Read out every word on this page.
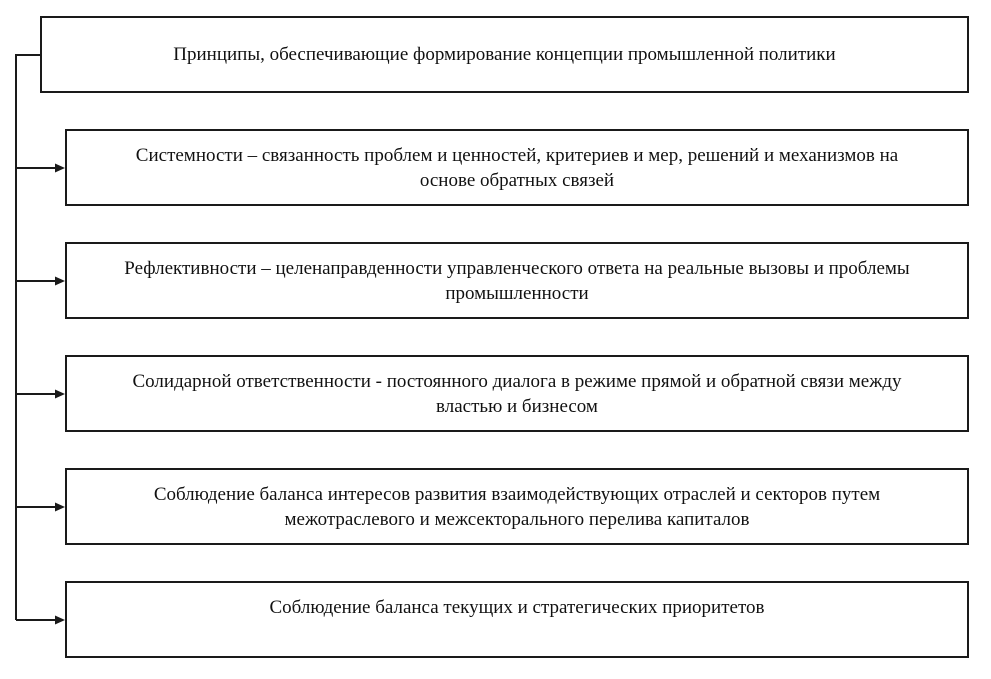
Принципы, обеспечивающие формирование концепции промышленной политики
Системности – связанность проблем и ценностей, критериев и мер, решений и механизмов на
основе обратных связей
Рефлективности – целенаправденности управленческого ответа на реальные вызовы и проблемы
промышленности
Солидарной ответственности - постоянного диалога в режиме прямой и обратной связи между
властью и бизнесом
Соблюдение баланса интересов развития взаимодействующих отраслей и секторов путем
межотраслевого и межсекторального перелива капиталов
Соблюдение баланса текущих и стратегических приоритетов
